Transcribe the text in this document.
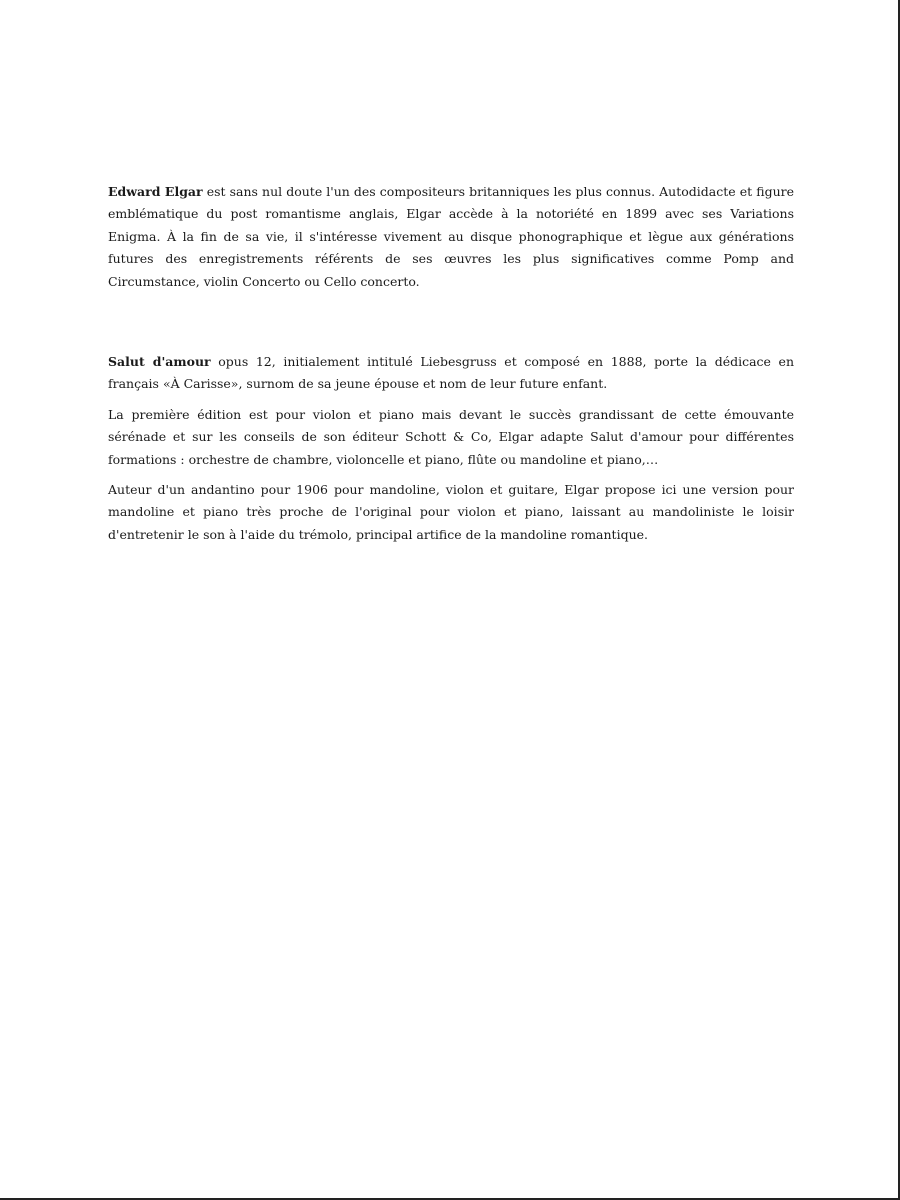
Edward Elgar est sans nul doute l'un des compositeurs britanniques les plus connus. Autodidacte et figure emblématique du post romantisme anglais, Elgar accède à la notoriété en 1899 avec ses Variations Enigma. À la fin de sa vie, il s'intéresse vivement au disque phonographique et lègue aux générations futures des enregistrements référents de ses œuvres les plus significatives comme Pomp and Circumstance, violin Concerto ou Cello concerto.

Salut d'amour opus 12, initialement intitulé Liebesgruss et composé en 1888, porte la dédicace en français «À Carisse», surnom de sa jeune épouse et nom de leur future enfant.

La première édition est pour violon et piano mais devant le succès grandissant de cette émouvante sérénade et sur les conseils de son éditeur Schott & Co, Elgar adapte Salut d'amour pour différentes formations : orchestre de chambre, violoncelle et piano, flûte ou mandoline et piano,…

Auteur d'un andantino pour 1906 pour mandoline, violon et guitare, Elgar propose ici une version pour mandoline et piano très proche de l'original pour violon et piano, laissant au mandoliniste le loisir d'entretenir le son à l'aide du trémolo, principal artifice de la mandoline romantique.
